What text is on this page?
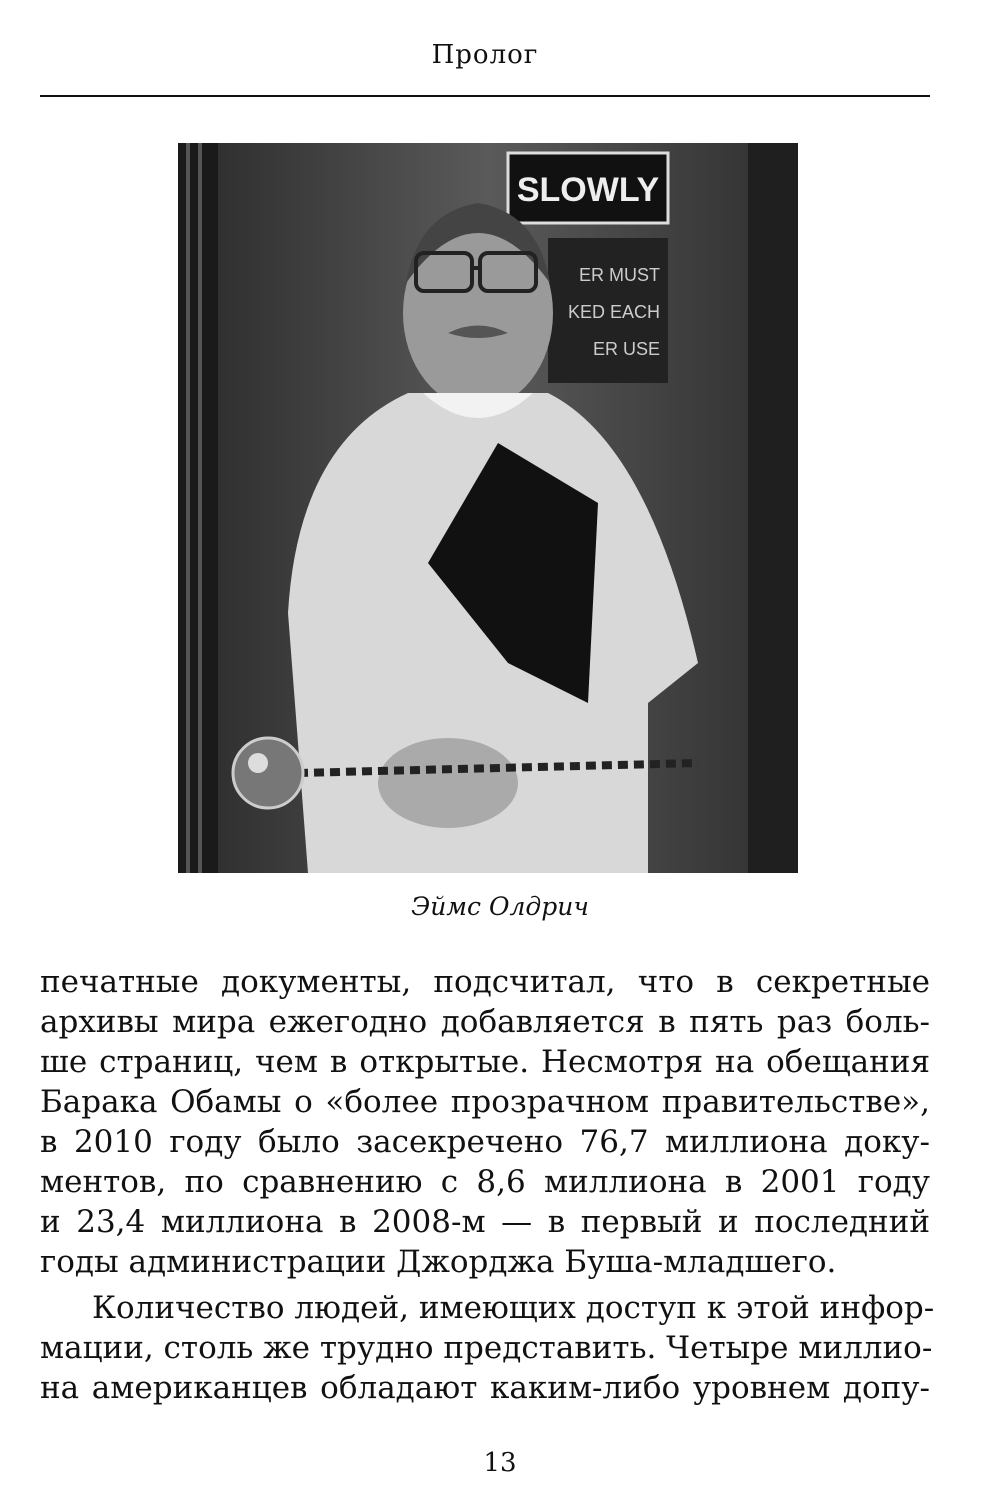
Пролог
SLOWLY
ER MUST
KED EACH
ER USE
Эймс Олдрич
печатные документы, подсчитал, что в секретные
архивы мира ежегодно добавляется в пять раз боль-
ше страниц, чем в открытые. Несмотря на обещания
Барака Обамы о «более прозрачном правительстве»,
в 2010 году было засекречено 76,7 миллиона доку-
ментов, по сравнению с 8,6 миллиона в 2001 году
и 23,4 миллиона в 2008-м — в первый и последний
годы администрации Джорджа Буша-младшего.
Количество людей, имеющих доступ к этой инфор-
мации, столь же трудно представить. Четыре миллио-
на американцев обладают каким-либо уровнем допу-
13
